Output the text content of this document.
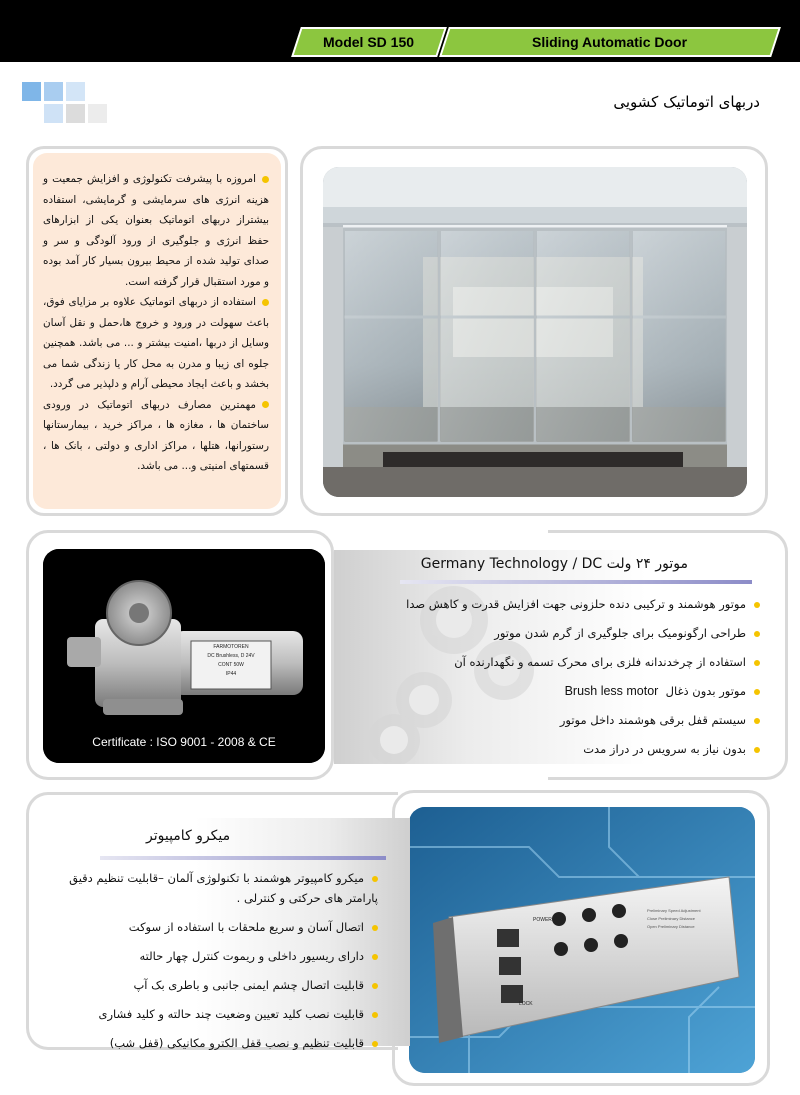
Model SD 150	Sliding Automatic Door
دربهای اتوماتیک کشویی

امروزه با پیشرفت تکنولوژی و افزایش جمعیت و هزینه انرژی های سرمایشی و گرمایشی، استفاده بیشتراز دربهای اتوماتیک بعنوان یکی از ابزارهای حفظ انرژی و جلوگیری از ورود آلودگی و سر و صدای تولید شده از محیط بیرون بسیار کار آمد بوده و مورد استقبال قرار گرفته است.

استفاده از دربهای اتوماتیک علاوه بر مزایای فوق، باعث سهولت در ورود و خروج ها،حمل و نقل آسان وسایل از دربها ،امنیت بیشتر و ... می باشد. همچنین جلوه ای زیبا و مدرن به محل کار یا زندگی شما می بخشد و باعث ایجاد محیطی آرام و دلپذیر می گردد.

مهمترین مصارف دربهای اتوماتیک در ورودی ساختمان ها ، مغازه ها ، مراکز خرید ، بیمارستانها رستورانها، هتلها ، مراکز اداری و دولتی ، بانک ها ، قسمتهای امنیتی و... می باشد.

FARMOTOREN
DC Brushless, D 24V
CONT 50W
IP44
Certificate : ISO 9001 - 2008 & CE
موتور ۲۴ ولت Germany Technology / DC
موتور هوشمند و ترکیبی دنده حلزونی جهت افزایش قدرت و کاهش صدا
طراحی ارگونومیک برای جلوگیری از گرم شدن موتور
استفاده از چرخدندانه فلزی برای محرک تسمه و نگهدارنده آن
موتور بدون ذغال  Brush less motor
سیستم قفل برقی هوشمند داخل موتور
بدون نیاز به سرویس در دراز مدت
POWER
LOCK
Preliminary Speed Adjustment
Close Preliminary Distance
Open Preliminary Distance
میکرو کامپیوتر
میکرو کامپیوتر هوشمند با تکنولوژی آلمان –قابلیت تنظیم دقیق پارامتر های حرکتی و کنترلی .
اتصال آسان و سریع ملحقات با استفاده از سوکت
دارای ریسیور داخلی و ریموت کنترل چهار حالته
قابلیت اتصال چشم ایمنی جانبی و باطری بک آپ
قابلیت نصب کلید تعیین وضعیت چند حالته و کلید فشاری
قابلیت تنظیم و نصب قفل الکترو مکانیکی (قفل شب)
